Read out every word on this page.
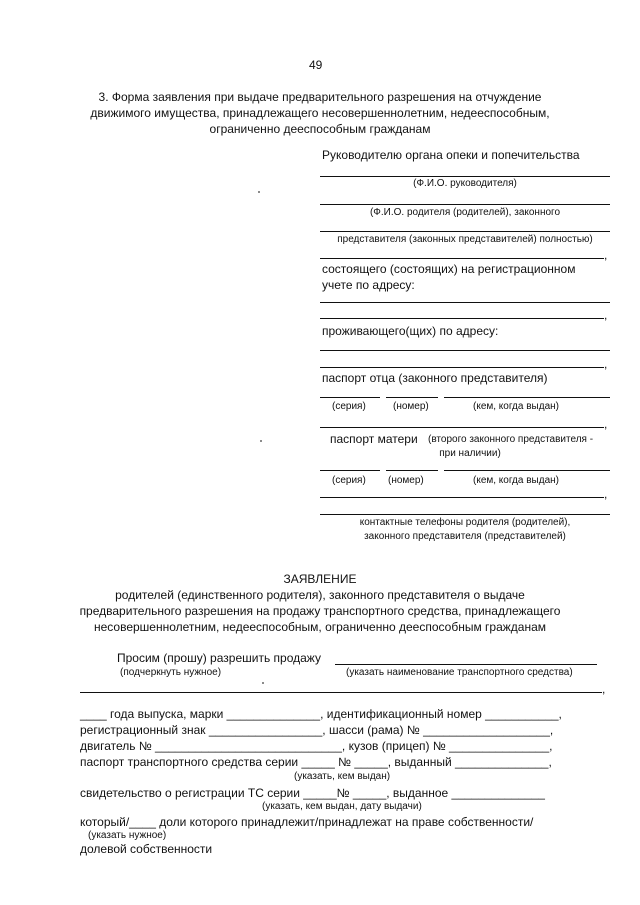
49
3. Форма заявления при выдаче предварительного разрешения на отчуждение
движимого имущества, принадлежащего несовершеннолетним, недееспособным,
ограниченно дееспособным гражданам
Руководителю органа опеки и попечительства
(Ф.И.О. руководителя)
(Ф.И.О. родителя (родителей), законного
представителя (законных представителей) полностью)
,
состоящего (состоящих) на регистрационном
учете по адресу:
,
проживающего(щих) по адресу:
,
паспорт отца (законного представителя)
(серия)	(номер)	(кем, когда выдан)
,
паспорт матери (второго законного представителя -
при наличии)
(серия) (номер)	(кем, когда выдан)
,
контактные телефоны родителя (родителей),
законного представителя (представителей)
ЗАЯВЛЕНИЕ
родителей (единственного родителя), законного представителя о выдаче
предварительного разрешения на продажу транспортного средства, принадлежащего
несовершеннолетним, недееспособным, ограниченно дееспособным гражданам
Просим (прошу) разрешить продажу
(подчеркнуть нужное)	(указать наименование транспортного средства)
,
____ года выпуска, марки ______________, идентификационный номер ___________,
регистрационный знак _________________, шасси (рама) № ___________________,
двигатель № ____________________________, кузов (прицеп) № _______________,
паспорт транспортного средства серии _____ № _____, выданный ______________,
(указать, кем выдан)
свидетельство о регистрации ТС серии _____№ _____, выданное ______________
(указать, кем выдан, дату выдачи)
который/____ доли которого принадлежит/принадлежат на праве собственности/
(указать нужное)
долевой собственности
